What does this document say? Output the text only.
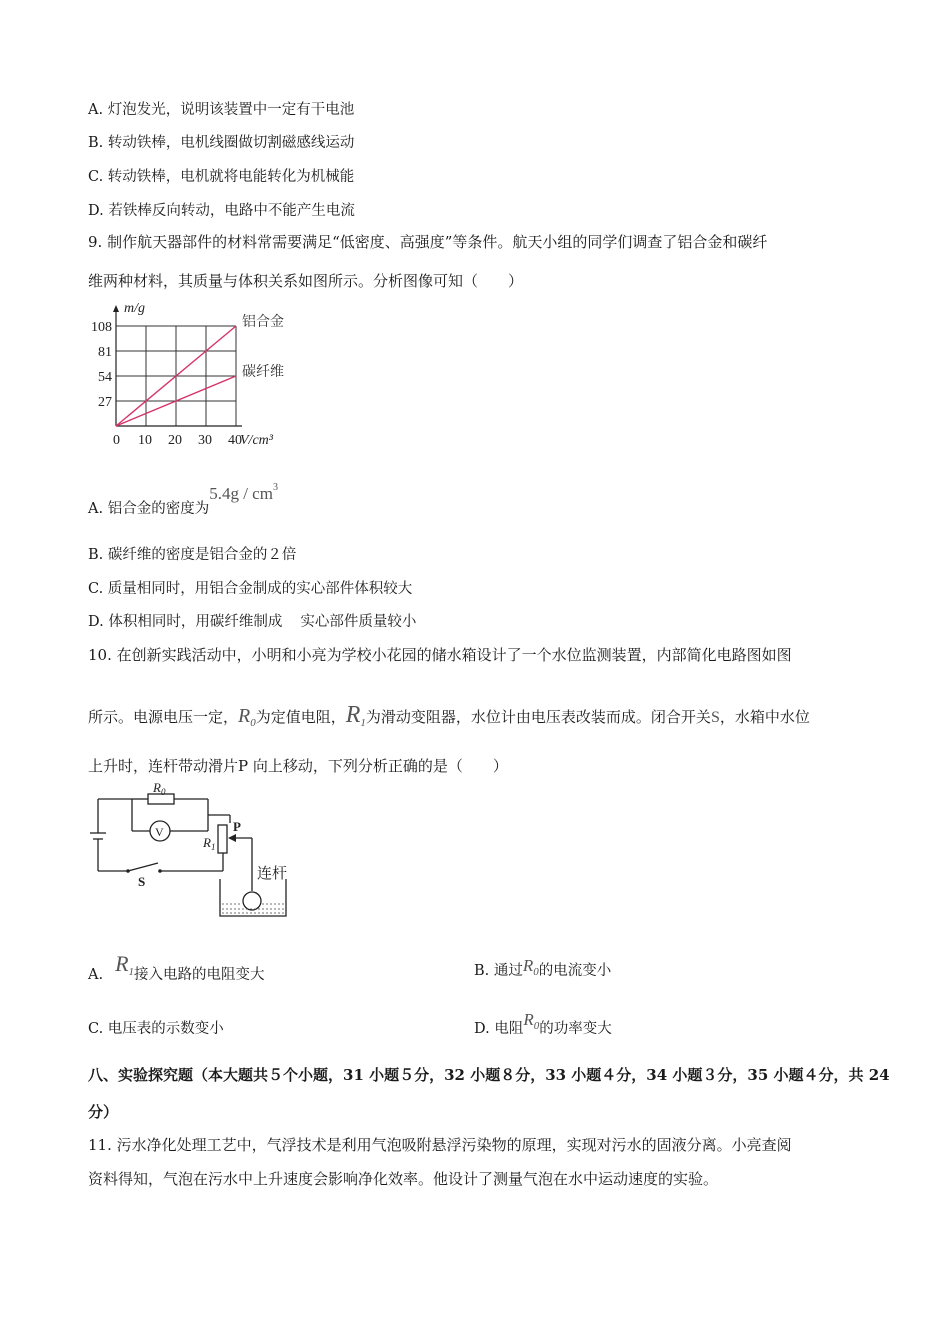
A. 灯泡发光，说明该装置中一定有干电池
B. 转动铁棒，电机线圈做切割磁感线运动
C. 转动铁棒，电机就将电能转化为机械能
D. 若铁棒反向转动，电路中不能产生电流
9. 制作航天器部件的材料常需要满足“低密度、高强度”等条件。航天小组的同学们调查了铝合金和碳纤
维两种材料，其质量与体积关系如图所示。分析图像可知（　　）
铝合金
碳纤维
0 10 20 30 40
27
54
81
108
m/g
V/cm³
A. 铝合金的密度为$5.4g / cm^3$
B. 碳纤维的密度是铝合金的２倍
C. 质量相同时，用铝合金制成的实心部件体积较大
D. 体积相同时，用碳纤维制成 实心部件质量较小
10. 在创新实践活动中，小明和小亮为学校小花园的储水箱设计了一个水位监测装置，内部简化电路图如图
所示。电源电压一定，$R_0$为定值电阻，$R_1$为滑动变阻器，水位计由电压表改装而成。闭合开关S，水箱中水位
上升时，连杆带动滑片P 向上移动，下列分析正确的是（　　）
$R_0$
V
$R_1$
P
S	连杆
A. $R_1$接入电路的电阻变大	B. 通过$R_0$的电流变小
C. 电压表的示数变小	D. 电阻$R_0$的功率变大
八、实验探究题（本大题共５个小题，31 小题５分，32 小题８分，33 小题４分，34 小题３分，35 小题４分，共 24
分）
11. 污水净化处理工艺中，气浮技术是利用气泡吸附悬浮污染物的原理，实现对污水的固液分离。小亮查阅
资料得知，气泡在污水中上升速度会影响净化效率。他设计了测量气泡在水中运动速度的实验。
